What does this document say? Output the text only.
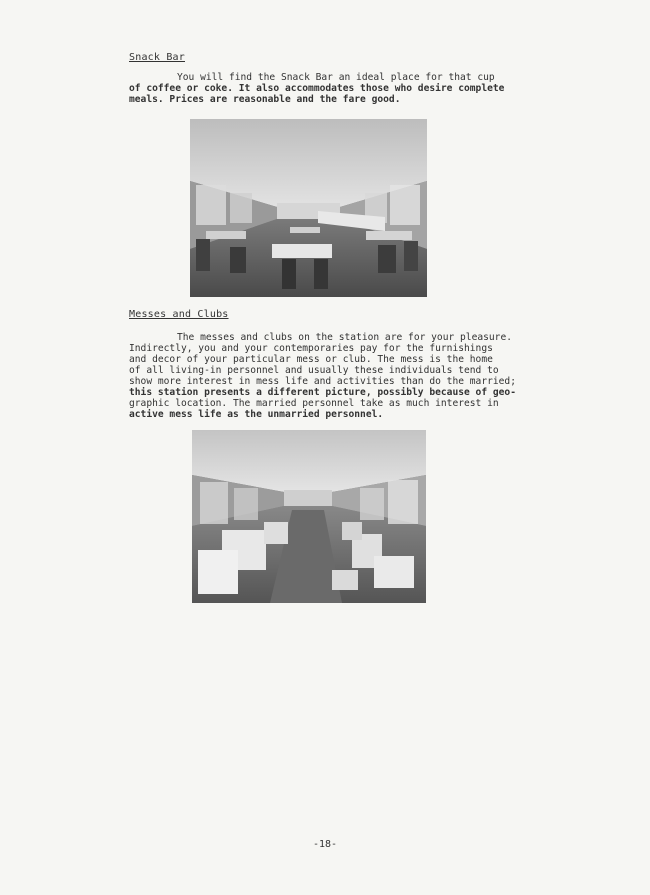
Snack Bar
You will find the Snack Bar an ideal place for that cup
of coffee or coke. It also accommodates those who desire complete
meals. Prices are reasonable and the fare good.
Messes and Clubs
The messes and clubs on the station are for your pleasure.
Indirectly, you and your contemporaries pay for the furnishings
and decor of your particular mess or club. The mess is the home
of all living-in personnel and usually these individuals tend to
show more interest in mess life and activities than do the married;
this station presents a different picture, possibly because of geo-
graphic location. The married personnel take as much interest in
active mess life as the unmarried personnel.
-18-
